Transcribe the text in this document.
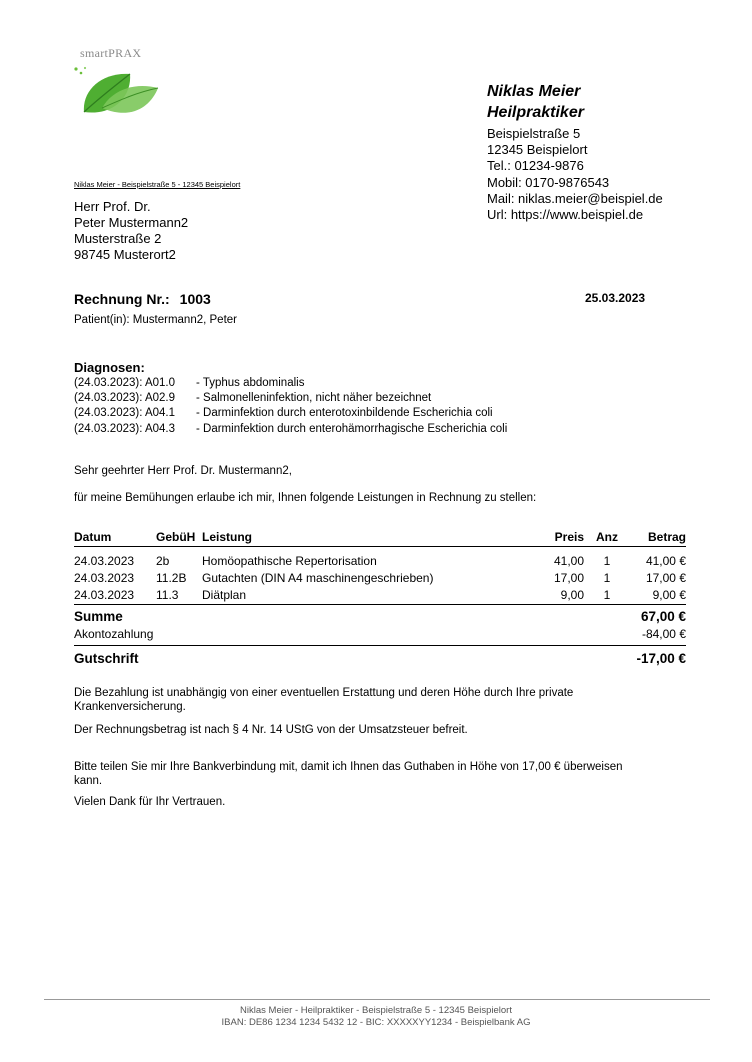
smartPRAX
Niklas Meier
Heilpraktiker
Beispielstraße 5
12345 Beispielort
Tel.: 01234-9876
Mobil: 0170-9876543
Mail: niklas.meier@beispiel.de
Url: https://www.beispiel.de
Niklas Meier - Beispielstraße 5 - 12345 Beispielort
Herr Prof. Dr.
Peter Mustermann2
Musterstraße 2
98745 Musterort2
Rechnung Nr.: 1003	25.03.2023
Patient(in): Mustermann2, Peter
Diagnosen:
(24.03.2023): A01.0 - Typhus abdominalis
(24.03.2023): A02.9 - Salmonelleninfektion, nicht näher bezeichnet
(24.03.2023): A04.1 - Darminfektion durch enterotoxinbildende Escherichia coli
(24.03.2023): A04.3 - Darminfektion durch enterohämorrhagische Escherichia coli
Sehr geehrter Herr Prof. Dr. Mustermann2,
für meine Bemühungen erlaube ich mir, Ihnen folgende Leistungen in Rechnung zu stellen:
Datum	GebüH	Leistung	Preis	Anz	Betrag
24.03.2023	2b	Homöopathische Repertorisation	41,00	1	41,00 €
24.03.2023	11.2B	Gutachten (DIN A4 maschinengeschrieben)	17,00	1	17,00 €
24.03.2023	11.3	Diätplan	9,00	1	9,00 €
Summe	67,00 €
Akontozahlung	-84,00 €
Gutschrift	-17,00 €
Die Bezahlung ist unabhängig von einer eventuellen Erstattung und deren Höhe durch Ihre private Krankenversicherung.
Der Rechnungsbetrag ist nach § 4 Nr. 14 UStG von der Umsatzsteuer befreit.
Bitte teilen Sie mir Ihre Bankverbindung mit, damit ich Ihnen das Guthaben in Höhe von 17,00 € überweisen kann.
Vielen Dank für Ihr Vertrauen.
Niklas Meier - Heilpraktiker - Beispielstraße 5 - 12345 Beispielort
IBAN: DE86 1234 1234 5432 12 - BIC: XXXXXYY1234 - Beispielbank AG
